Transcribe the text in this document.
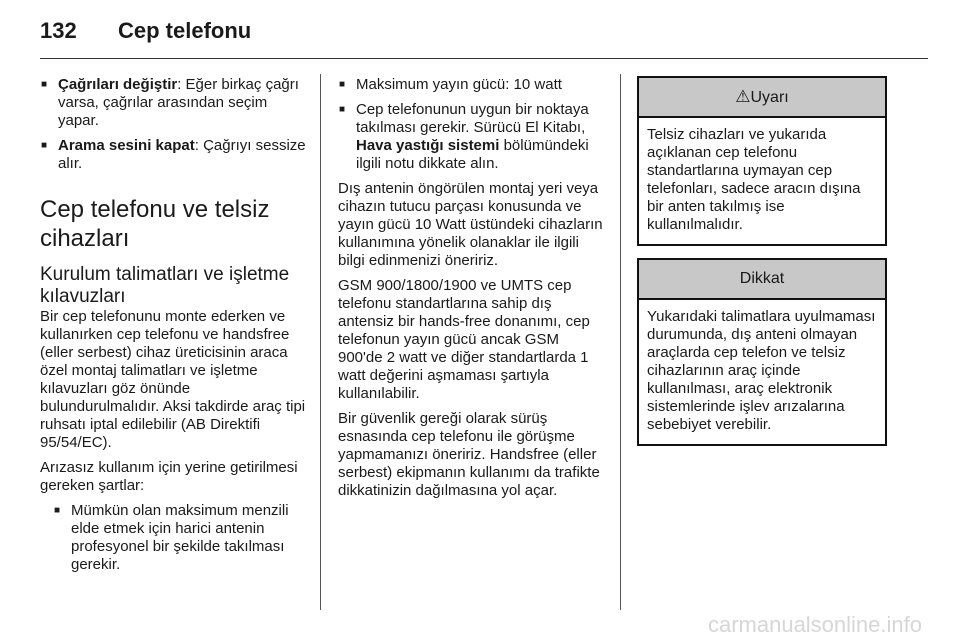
132 Cep telefonu
■ Çağrıları değiştir: Eğer birkaç çağrı varsa, çağrılar arasından seçim yapar.
■ Arama sesini kapat: Çağrıyı sessize alır.
Cep telefonu ve telsiz cihazları
Kurulum talimatları ve işletme kılavuzları
Bir cep telefonunu monte ederken ve kullanırken cep telefonu ve handsfree (eller serbest) cihaz üreticisinin araca özel montaj talimatları ve işletme kılavuzları göz önünde bulundurulmalıdır. Aksi takdirde araç tipi ruhsatı iptal edilebilir (AB Direktifi 95/54/EC).
Arızasız kullanım için yerine getirilmesi gereken şartlar:
■ Mümkün olan maksimum menzili elde etmek için harici antenin profesyonel bir şekilde takılması gerekir.
■ Maksimum yayın gücü: 10 watt
■ Cep telefonunun uygun bir noktaya takılması gerekir. Sürücü El Kitabı, Hava yastığı sistemi bölümündeki ilgili notu dikkate alın.
Dış antenin öngörülen montaj yeri veya cihazın tutucu parçası konusunda ve yayın gücü 10 Watt üstündeki cihazların kullanımına yönelik olanaklar ile ilgili bilgi edinmenizi öneririz.
GSM 900/1800/1900 ve UMTS cep telefonu standartlarına sahip dış antensiz bir hands-free donanımı, cep telefonun yayın gücü ancak GSM 900'de 2 watt ve diğer standartlarda 1 watt değerini aşmaması şartıyla kullanılabilir.
Bir güvenlik gereği olarak sürüş esnasında cep telefonu ile görüşme yapmamanızı öneririz. Handsfree (eller serbest) ekipmanın kullanımı da trafikte dikkatinizin dağılmasına yol açar.
⚠Uyarı
Telsiz cihazları ve yukarıda açıklanan cep telefonu standartlarına uymayan cep telefonları, sadece aracın dışına bir anten takılmış ise kullanılmalıdır.
Dikkat
Yukarıdaki talimatlara uyulmaması durumunda, dış anteni olmayan araçlarda cep telefon ve telsiz cihazlarının araç içinde kullanılması, araç elektronik sistemlerinde işlev arızalarına sebebiyet verebilir.
carmanualsonline.info
